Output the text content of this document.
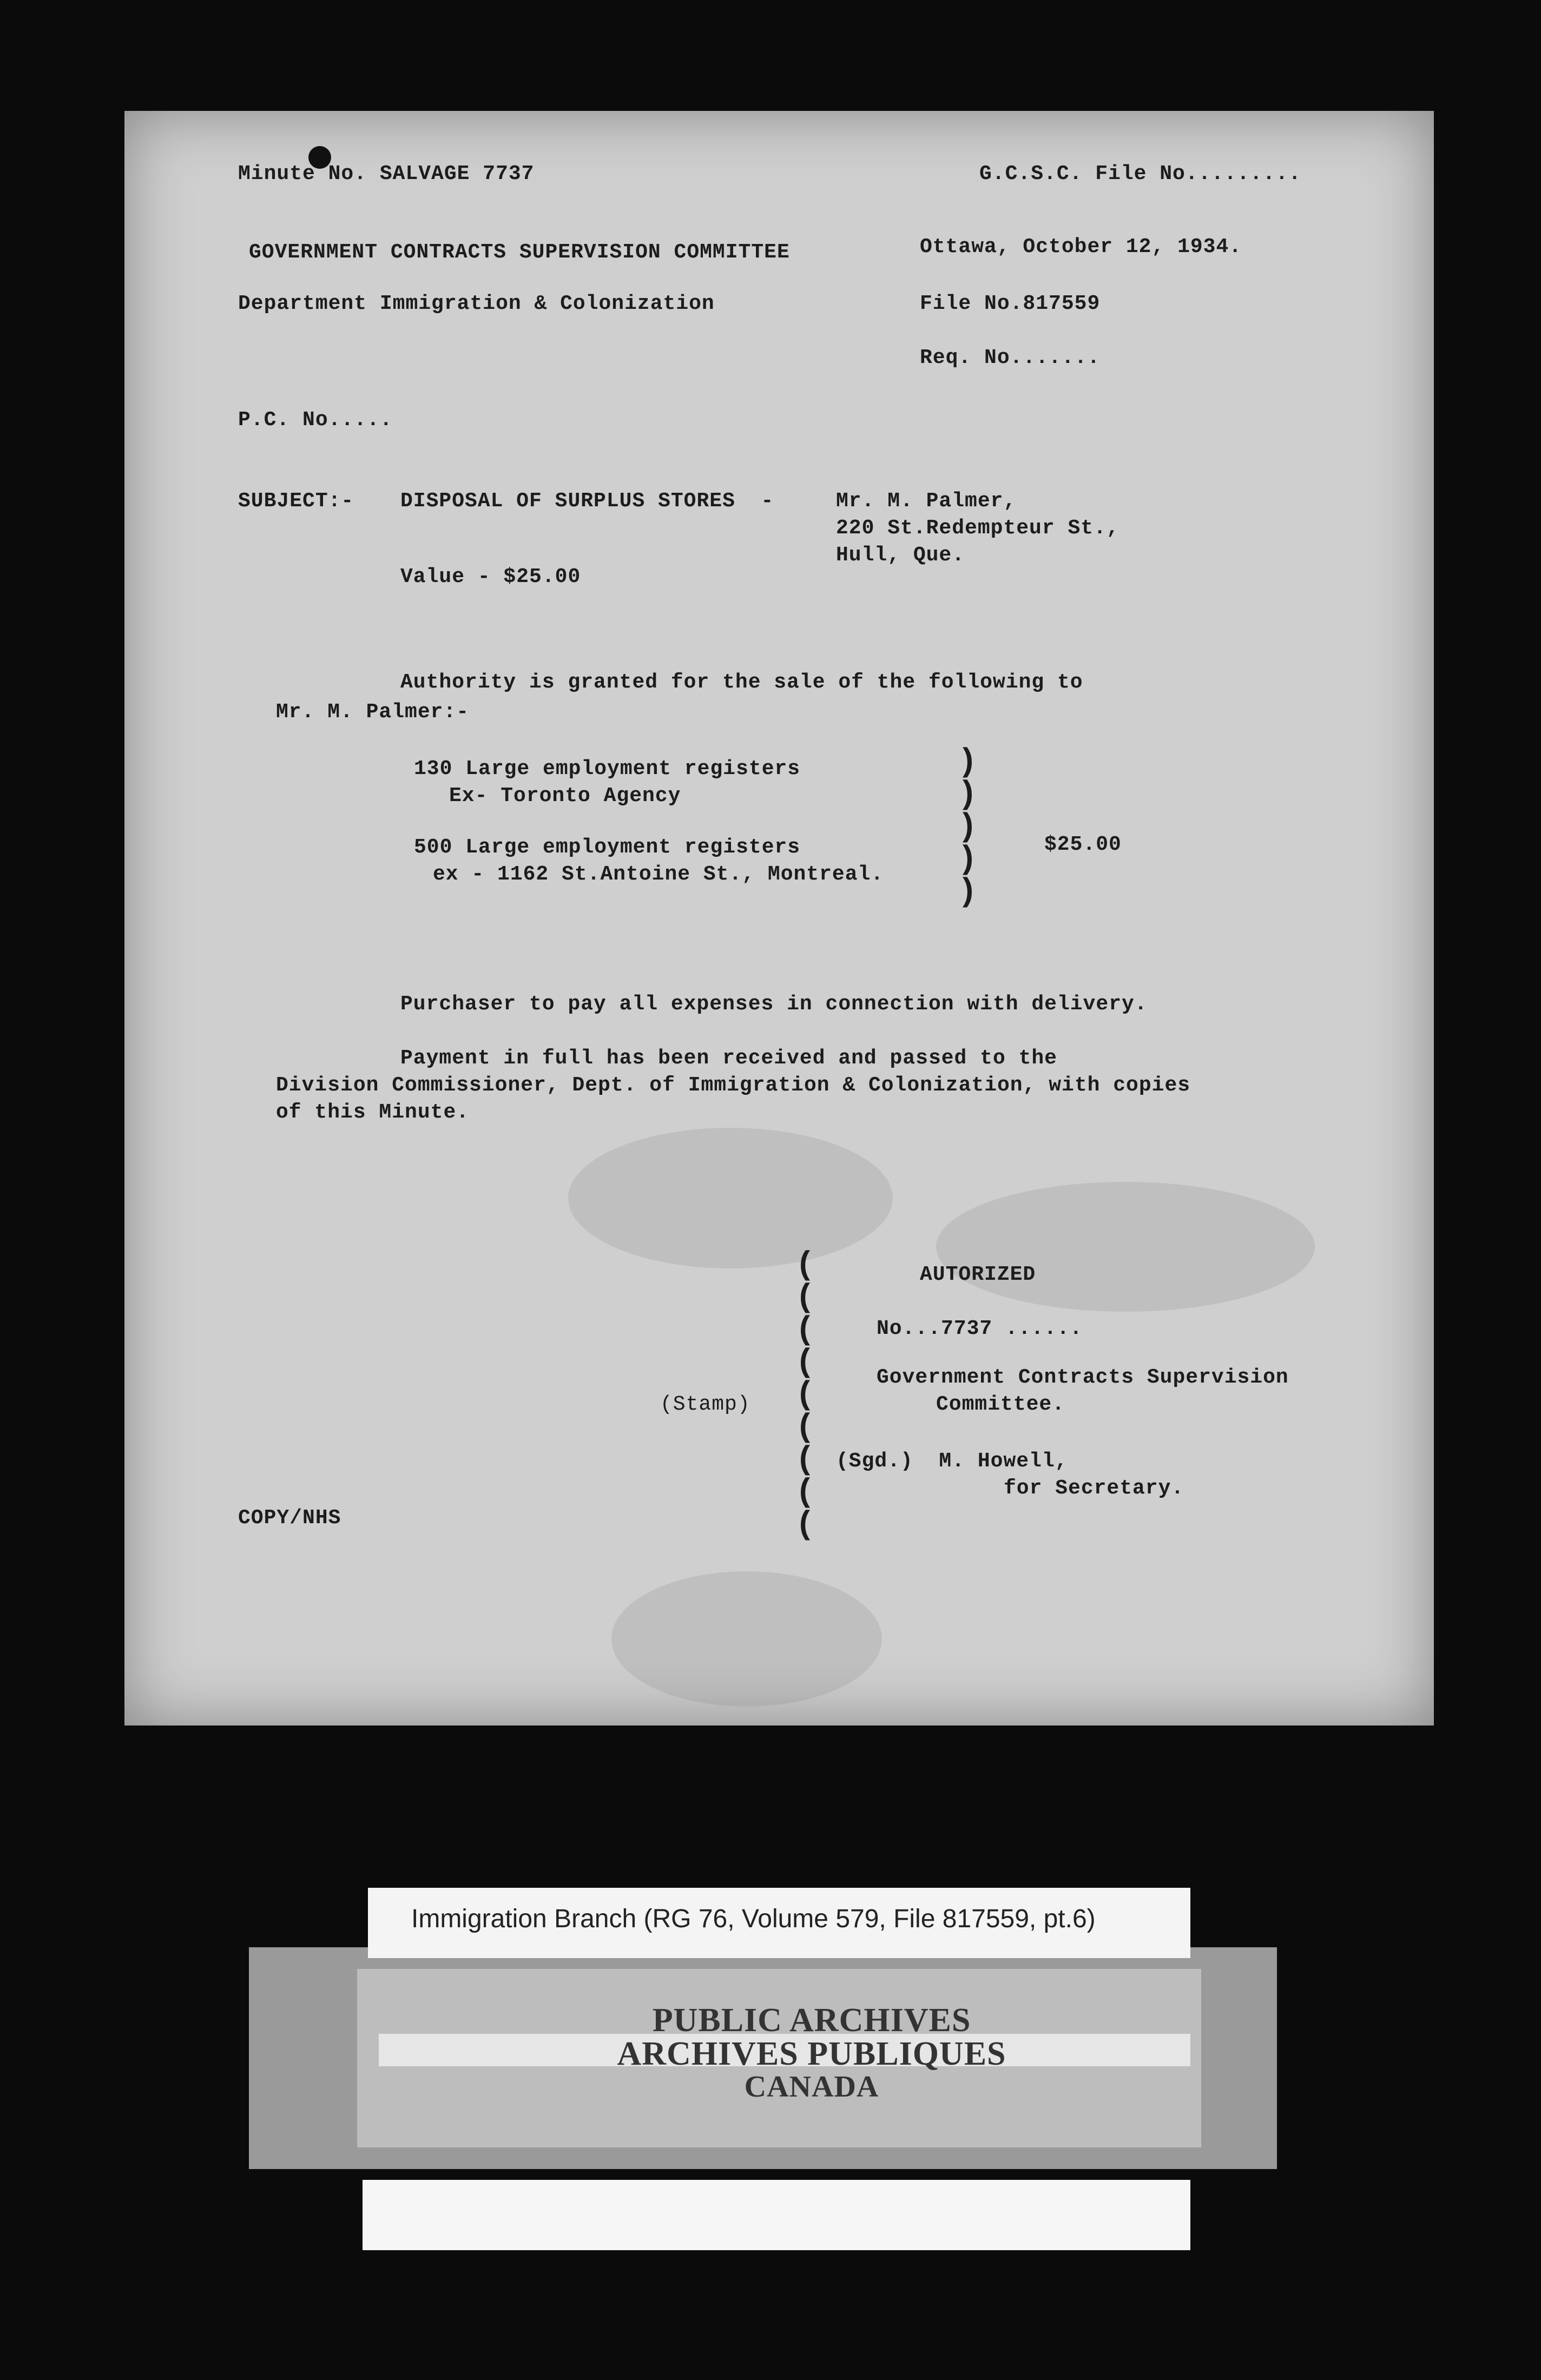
Minute No. SALVAGE 7737	G.C.S.C. File No.........
GOVERNMENT CONTRACTS SUPERVISION COMMITTEE	Ottawa, October 12, 1934.
Department Immigration & Colonization	File No.817559
Req. No.......
P.C. No.....
SUBJECT:- DISPOSAL OF SURPLUS STORES  -	Mr. M. Palmer,
220 St.Redempteur St.,
Hull, Que.
Value - $25.00
Authority is granted for the sale of the following to
Mr. M. Palmer:-
130 Large employment registers
Ex- Toronto Agency
500 Large employment registers
ex - 1162 St.Antoine St., Montreal.
)
)
)
)
)
$25.00
Purchaser to pay all expenses in connection with delivery.
Payment in full has been received and passed to the
Division Commissioner, Dept. of Immigration & Colonization, with copies
of this Minute.
(
(
(
(
(
(
(
(
(
AUTORIZED
No...7737 ......
Government Contracts Supervision
Committee.
(Stamp)
(Sgd.)  M. Howell,
for Secretary.
COPY/NHS
Immigration Branch (RG 76, Volume 579, File 817559, pt.6)
PUBLIC ARCHIVES
ARCHIVES PUBLIQUES
CANADA
